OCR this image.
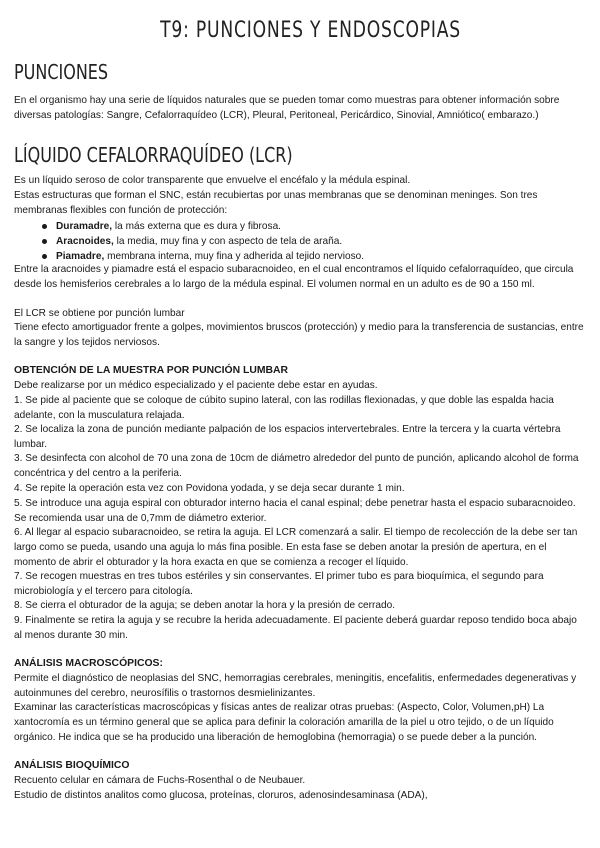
T9: PUNCIONES Y ENDOSCOPIAS
PUNCIONES

En el organismo hay una serie de líquidos naturales que se pueden tomar como muestras para obtener información sobre diversas patologías: Sangre, Cefalorraquídeo (LCR), Pleural, Peritoneal, Pericárdico, Sinovial, Amniótico( embarazo.)

LÍQUIDO CEFALORRAQUÍDEO (LCR)

Es un líquido seroso de color transparente que envuelve el encéfalo y la médula espinal.

Estas estructuras que forman el SNC, están recubiertas por unas membranas que se denominan meninges. Son tres membranas flexibles con función de protección:

Duramadre, la más externa que es dura y fibrosa.
Aracnoides, la media, muy fina y con aspecto de tela de araña.
Piamadre, membrana interna, muy fina y adherida al tejido nervioso.

Entre la aracnoides y piamadre está el espacio subaracnoideo, en el cual encontramos el líquido cefalorraquídeo, que circula desde los hemisferios cerebrales a lo largo de la médula espinal. El volumen normal en un adulto es de 90 a 150 ml.

El LCR se obtiene por punción lumbar

Tiene efecto amortiguador frente a golpes, movimientos bruscos (protección) y medio para la transferencia de sustancias, entre la sangre y los tejidos nerviosos.

OBTENCIÓN DE LA MUESTRA POR PUNCIÓN LUMBAR

Debe realizarse por un médico especializado y el paciente debe estar en ayudas.

1. Se pide al paciente que se coloque de cúbito supino lateral, con las rodillas flexionadas, y que doble las espalda hacia adelante, con la musculatura relajada.

2. Se localiza la zona de punción mediante palpación de los espacios intervertebrales. Entre la tercera y la cuarta vértebra lumbar.

3. Se desinfecta con alcohol de 70 una zona de 10cm de diámetro alrededor del punto de punción, aplicando alcohol de forma concéntrica y del centro a la periferia.

4. Se repite la operación esta vez con Povidona yodada, y se deja secar durante 1 min.

5. Se introduce una aguja espiral con obturador interno hacia el canal espinal; debe penetrar hasta el espacio subaracnoideo. Se recomienda usar una de 0,7mm de diámetro exterior.

6. Al llegar al espacio subaracnoideo, se retira la aguja. El LCR comenzará a salir. El tiempo de recolección de la debe ser tan largo como se pueda, usando una aguja lo más fina posible. En esta fase se deben anotar la presión de apertura, en el momento de abrir el obturador y la hora exacta en que se comienza a recoger el líquido.

7. Se recogen muestras en tres tubos estériles y sin conservantes. El primer tubo es para bioquímica, el segundo para microbiología y el tercero para citología.

8. Se cierra el obturador de la aguja; se deben anotar la hora y la presión de cerrado.

9. Finalmente se retira la aguja y se recubre la herida adecuadamente. El paciente deberá guardar reposo tendido boca abajo al menos durante 30 min.

ANÁLISIS MACROSCÓPICOS:

Permite el diagnóstico de neoplasias del SNC, hemorragias cerebrales, meningitis, encefalitis, enfermedades degenerativas y autoinmunes del cerebro, neurosífilis o trastornos desmielinizantes.

Examinar las características macroscópicas y físicas antes de realizar otras pruebas: (Aspecto, Color, Volumen,pH) La xantocromía es un término general que se aplica para definir la coloración amarilla de la piel u otro tejido, o de un líquido orgánico. He indica que se ha producido una liberación de hemoglobina (hemorragia) o se puede deber a la punción.

ANÁLISIS BIOQUÍMICO

Recuento celular en cámara de Fuchs-Rosenthal o de Neubauer.

Estudio de distintos analitos como glucosa, proteínas, cloruros, adenosindesaminasa (ADA),
